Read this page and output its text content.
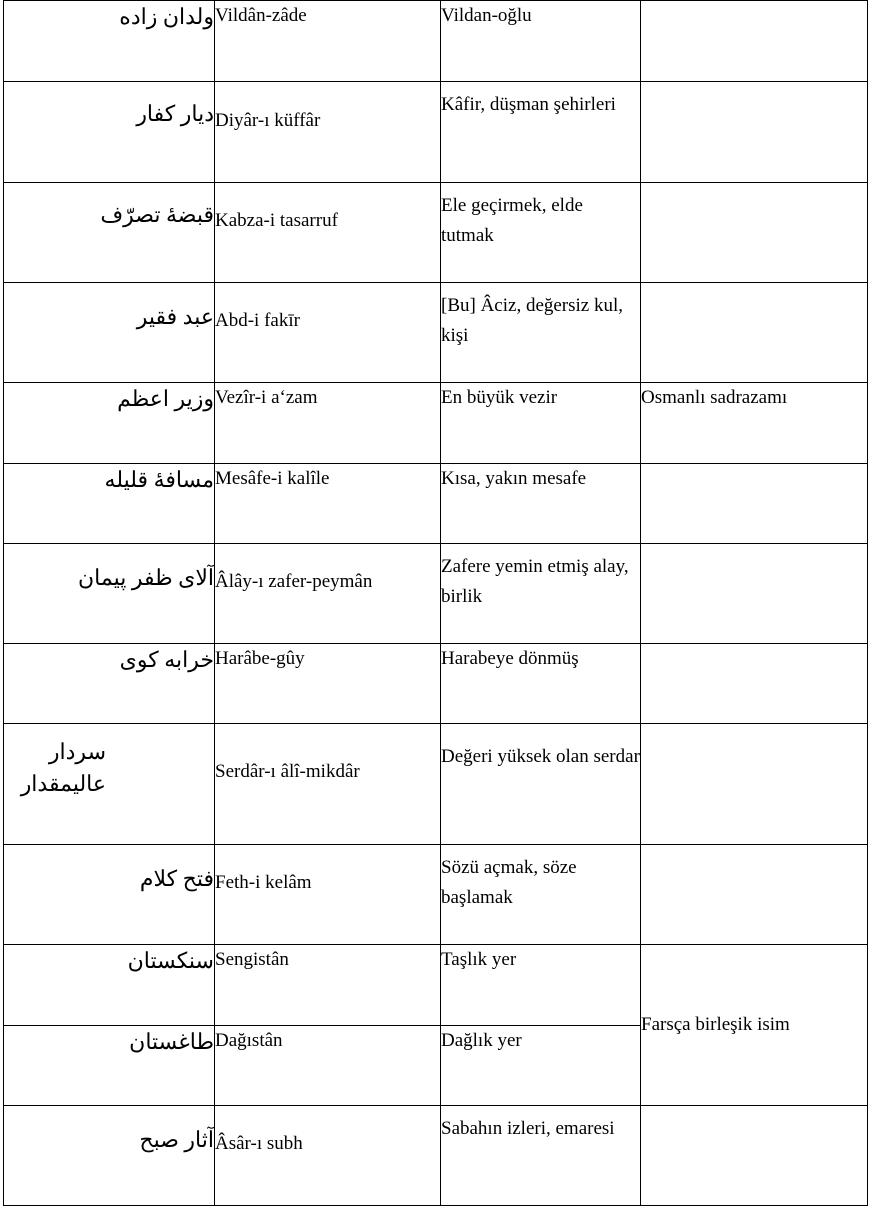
ولدان زاده	Vildân-zâde	Vildan-oğlu	
دیار کفار	Diyâr-ı küffâr	Kâfir, düşman şehirleri	
قبضهٔ تصرّف	Kabza-i tasarruf	Ele geçirmek, elde tutmak	
عبد فقیر	Abd-i fakīr	[Bu] Âciz, değersiz kul, kişi	
وزیر اعظم	Vezîr-i a‘zam	En büyük vezir	Osmanlı sadrazamı
مسافهٔ قلیله	Mesâfe-i kalîle	Kısa, yakın mesafe	
آلای ظفر پیمان	Âlây-ı zafer-peymân	Zafere yemin etmiş alay, birlik	
خرابه کوی	Harâbe-gûy	Harabeye dönmüş	
سردار عالیمقدار	Serdâr-ı âlî-mikdâr	Değeri yüksek olan serdar	
فتح کلام	Feth-i kelâm	Sözü açmak, söze başlamak	
سنکستان	Sengistân	Taşlık yer	Farsça birleşik isim
طاغستان	Dağıstân	Dağlık yer	
آثار صبح	Âsâr-ı subh	Sabahın izleri, emaresi	
